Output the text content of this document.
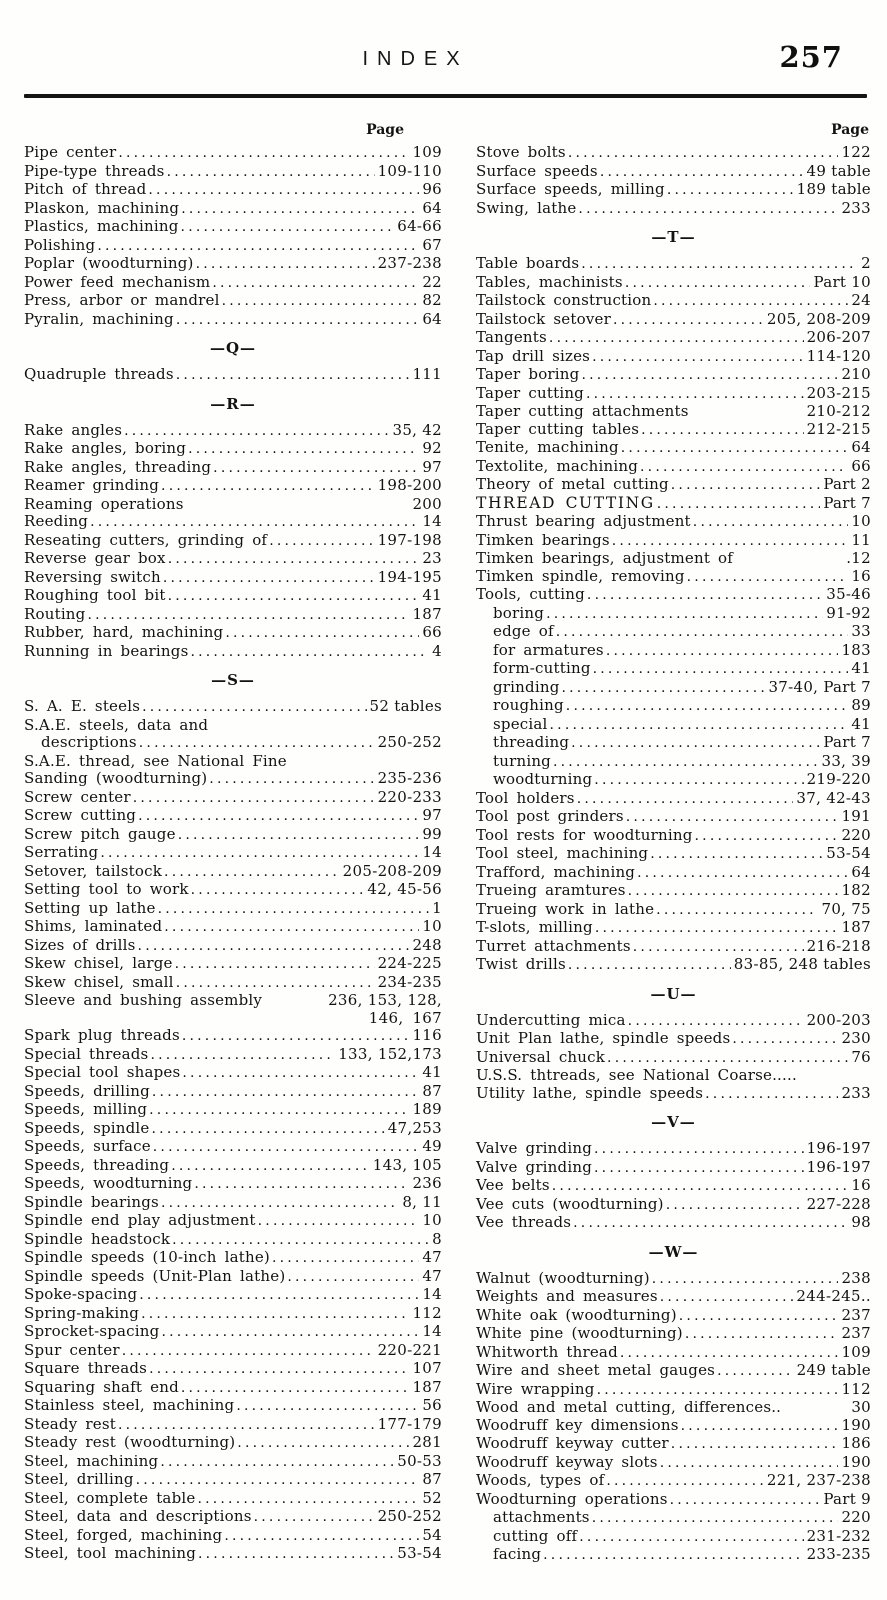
INDEX	257
Page
Pipe center .....	109
Pipe-type threads .....	109-110
Pitch of thread .....	96
Plaskon, machining .....	64
Plastics, machining .....	64-66
Polishing .....	67
Poplar (woodturning) .....	237-238
Power feed mechanism .....	22
Press, arbor or mandrel .....	82
Pyralin, machining .....	64
—Q—
Quadruple threads .....	111
—R—
Rake angles .....	35, 42
Rake angles, boring .....	92
Rake angles, threading .....	97
Reamer grinding .....	198-200
Reaming operations	200
Reeding .....	14
Reseating cutters, grinding of .....	197-198
Reverse gear box .....	23
Reversing switch .....	194-195
Roughing tool bit .....	41
Routing .....	187
Rubber, hard, machining .....	66
Running in bearings .....	4
—S—
S. A. E. steels .....	52 tables
S.A.E. steels, data and
descriptions .....	250-252
S.A.E. thread, see National Fine
Sanding (woodturning) .....	235-236
Screw center .....	220-233
Screw cutting .....	97
Screw pitch gauge .....	99
Serrating .....	14
Setover, tailstock .....	205-208-209
Setting tool to work .....	42, 45-56
Setting up lathe .....	1
Shims, laminated .....	10
Sizes of drills .....	248
Skew chisel, large .....	224-225
Skew chisel, small .....	234-235
Sleeve and bushing assembly	236, 153, 128,
146, 167
Spark plug threads .....	116
Special threads .....	133, 152,173
Special tool shapes .....	41
Speeds, drilling .....	87
Speeds, milling .....	189
Speeds, spindle .....	47,253
Speeds, surface .....	49
Speeds, threading .....	143, 105
Speeds, woodturning .....	236
Spindle bearings .....	8, 11
Spindle end play adjustment .....	10
Spindle headstock .....	8
Spindle speeds (10-inch lathe) .....	47
Spindle speeds (Unit-Plan lathe) .....	47
Spoke-spacing .....	14
Spring-making .....	112
Sprocket-spacing .....	14
Spur center .....	220-221
Square threads .....	107
Squaring shaft end .....	187
Stainless steel, machining .....	56
Steady rest .....	177-179
Steady rest (woodturning) .....	281
Steel, machining .....	50-53
Steel, drilling .....	87
Steel, complete table .....	52
Steel, data and descriptions .....	250-252
Steel, forged, machining .....	54
Steel, tool machining .....	53-54
Page
Stove bolts .....	122
Surface speeds .....	49 table
Surface speeds, milling .....	189 table
Swing, lathe .....	233
—T—
Table boards .....	2
Tables, machinists .....	Part 10
Tailstock construction .....	24
Tailstock setover .....	205, 208-209
Tangents .....	206-207
Tap drill sizes .....	114-120
Taper boring .....	210
Taper cutting .....	203-215
Taper cutting attachments	210-212
Taper cutting tables .....	212-215
Tenite, machining .....	64
Textolite, machining .....	66
Theory of metal cutting .....	Part 2
THREAD CUTTING .....	Part 7
Thrust bearing adjustment .....	10
Timken bearings .....	11
Timken bearings, adjustment of	.12
Timken spindle, removing .....	16
Tools, cutting .....	35-46
boring .....	91-92
edge of .....	33
for armatures .....	183
form-cutting .....	41
grinding .....	37-40, Part 7
roughing .....	89
special .....	41
threading .....	Part 7
turning .....	33, 39
woodturning .....	219-220
Tool holders .....	37, 42-43
Tool post grinders .....	191
Tool rests for woodturning .....	220
Tool steel, machining .....	53-54
Trafford, machining .....	64
Trueing aramtures .....	182
Trueing work in lathe .....	70, 75
T-slots, milling .....	187
Turret attachments .....	216-218
Twist drills .....	83-85, 248 tables
—U—
Undercutting mica .....	200-203
Unit Plan lathe, spindle speeds .....	230
Universal chuck .....	76
U.S.S. thtreads, see National Coarse.....
Utility lathe, spindle speeds .....	233
—V—
Valve grinding .....	196-197
Valve grinding .....	196-197
Vee belts .....	16
Vee cuts (woodturning) .....	227-228
Vee threads .....	98
—W—
Walnut (woodturning) .....	238
Weights and measures .....	244-245..
White oak (woodturning) .....	237
White pine (woodturning) .....	237
Whitworth thread .....	109
Wire and sheet metal gauges .....	249 table
Wire wrapping .....	112
Wood and metal cutting, differences..	30
Woodruff key dimensions .....	190
Woodruff keyway cutter .....	186
Woodruff keyway slots .....	190
Woods, types of .....	221, 237-238
Woodturning operations .....	Part 9
attachments .....	220
cutting off .....	231-232
facing .....	233-235
